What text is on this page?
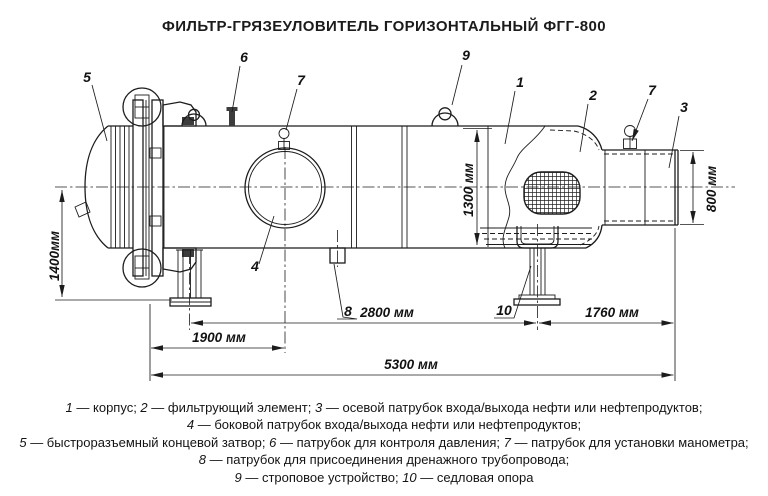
ФИЛЬТР-ГРЯЗЕУЛОВИТЕЛЬ ГОРИЗОНТАЛЬНЫЙ ФГГ-800
1400мм
1300 мм	800 мм
2800 мм	1760 мм
1900 мм
5300 мм
5
6
7
9
1
2	7
3
4
8	10
1 — корпус; 2 — фильтрующий элемент; 3 — осевой патрубок входа/выхода нефти или нефтепродуктов;
4 — боковой патрубок входа/выхода нефти или нефтепродуктов;
5 — быстроразъемный концевой затвор; 6 — патрубок для контроля давления; 7 — патрубок для установки манометра;
8 — патрубок для присоединения дренажного трубопровода;
9 — строповое устройство; 10 — седловая опора
